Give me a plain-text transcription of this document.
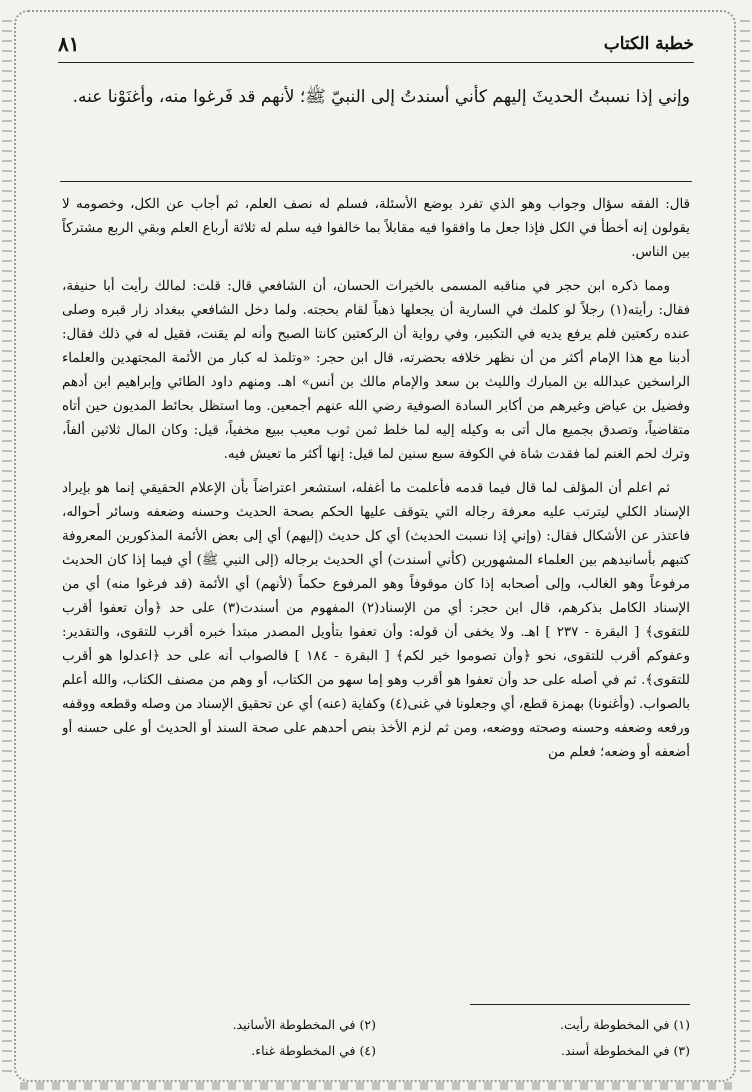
خطبة الكتاب
٨١

وإني إذا نسبتُ الحديثَ إليهم كأني أسندتُ إلى النبيّ ﷺ؛ لأنهم قد فَرغوا منه، وأغنَوْنا عنه.

قال: الفقه سؤال وجواب وهو الذي تفرد بوضع الأسئلة، فسلم له نصف العلم، ثم أجاب عن الكل، وخصومه لا يقولون إنه أخطأ في الكل فإذا جعل ما وافقوا فيه مقابلاً بما خالفوا فيه سلم له ثلاثة أرباع العلم وبقي الربع مشتركاً بين الناس.

ومما ذكره ابن حجر في مناقبه المسمى بالخيرات الحسان، أن الشافعي قال: قلت: لمالك رأيت أبا حنيفة، فقال: رأيته(١) رجلاً لو كلمك في السارية أن يجعلها ذهباً لقام بحجته. ولما دخل الشافعي ببغداد زار قبره وصلى عنده ركعتين فلم يرفع يديه في التكبير، وفي رواية أن الركعتين كانتا الصبح وأنه لم يقنت، فقيل له في ذلك فقال: أدبنا مع هذا الإمام أكثر من أن نظهر خلافه بحضرته، قال ابن حجر: «وتلمذ له كبار من الأئمة المجتهدين والعلماء الراسخين عبدالله بن المبارك والليث بن سعد والإمام مالك بن أنس» اهـ. ومنهم داود الطائي وإبراهيم ابن أدهم وفضيل بن عياض وغيرهم من أكابر السادة الصوفية رضي الله عنهم أجمعين. وما استظل بحائط المديون حين أتاه متقاضياً، وتصدق بجميع مال أتى به وكيله إليه لما خلط ثمن ثوب معيب ببيع مخفياً، قيل: وكان المال ثلاثين ألفاً، وترك لحم الغنم لما فقدت شاة في الكوفة سبع سنين لما قيل: إنها أكثر ما تعيش فيه.

ثم اعلم أن المؤلف لما قال فيما قدمه فأعلمت ما أغفله، استشعر اعتراضاً بأن الإعلام الحقيقي إنما هو بإيراد الإسناد الكلي ليترتب عليه معرفة رجاله التي يتوقف عليها الحكم بصحة الحديث وحسنه وضعفه وسائر أحواله، فاعتذر عن الأشكال فقال: (وإني إذا نسبت الحديث) أي كل حديث (إليهم) أي إلى بعض الأئمة المذكورين المعروفة كتبهم بأسانيدهم بين العلماء المشهورين (كأني أسندت) أي الحديث برجاله (إلى النبي ﷺ) أي فيما إذا كان الحديث مرفوعاً وهو الغالب، وإلى أصحابه إذا كان موقوفاً وهو المرفوع حكماً (لأنهم) أي الأئمة (قد فرغوا منه) أي من الإسناد الكامل بذكرهم، قال ابن حجر: أي من الإسناد(٢) المفهوم من أسندت(٣) على حد ﴿وأن تعفوا أقرب للتقوى﴾ [ البقرة - ٢٣٧ ] اهـ. ولا يخفى أن قوله: وأن تعفوا بتأويل المصدر مبتدأ خبره أقرب للتقوى، والتقدير: وعفوكم أقرب للتقوى، نحو ﴿وأن تصوموا خير لكم﴾ [ البقرة - ١٨٤ ] فالصواب أنه على حد ﴿اعدلوا هو أقرب للتقوى﴾. ثم في أصله على حد وأن تعفوا هو أقرب وهو إما سهو من الكتاب، أو وهم من مصنف الكتاب، والله أعلم بالصواب. (وأغنونا) بهمزة قطع، أي وجعلونا في غنى(٤) وكفاية (عنه) أي عن تحقيق الإسناد من وصله وقطعه ووقفه ورفعه وضعفه وحسنه وصحته ووضعه، ومن ثم لزم الأخذ بنص أحدهم على صحة السند أو الحديث أو على حسنه أو أضعفه أو وضعه؛ فعلم من

(١) في المخطوطة رأيت.
(٢) في المخطوطة الأسانيد.
(٣) في المخطوطة أسند.
(٤) في المخطوطة غناء.
